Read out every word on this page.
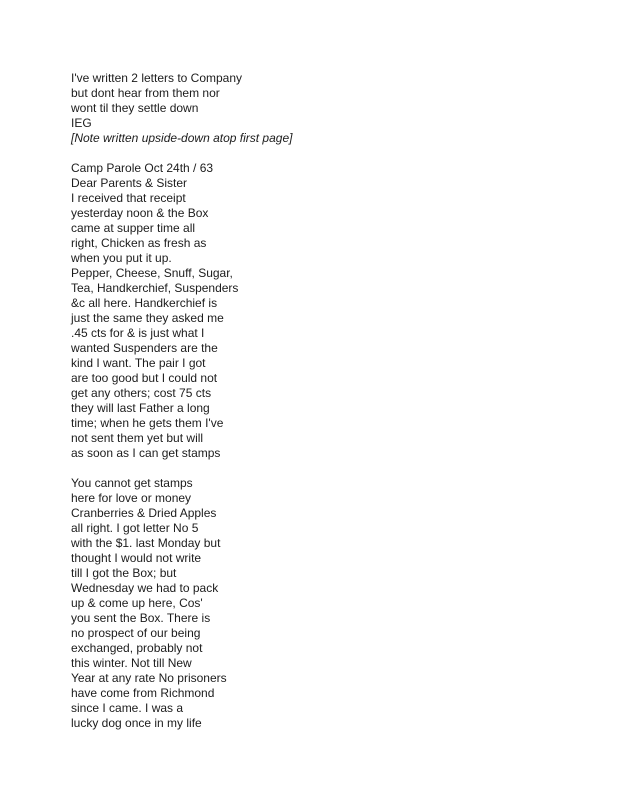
I've written 2 letters to Company
but dont hear from them nor
wont til they settle down
IEG
[Note written upside-down atop first page]
Camp Parole Oct 24th / 63
Dear Parents & Sister
I received that receipt
yesterday noon & the Box
came at supper time all
right, Chicken as fresh as
when you put it up.
Pepper, Cheese, Snuff, Sugar,
Tea, Handkerchief, Suspenders
&c all here. Handkerchief is
just the same they asked me
.45 cts for & is just what I
wanted Suspenders are the
kind I want. The pair I got
are too good but I could not
get any others; cost 75 cts
they will last Father a long
time; when he gets them I've
not sent them yet but will
as soon as I can get stamps
You cannot get stamps
here for love or money
Cranberries & Dried Apples
all right. I got letter No 5
with the $1. last Monday but
thought I would not write
till I got the Box; but
Wednesday we had to pack
up & come up here, Cos'
you sent the Box. There is
no prospect of our being
exchanged, probably not
this winter. Not till New
Year at any rate No prisoners
have come from Richmond
since I came. I was a
lucky dog once in my life
